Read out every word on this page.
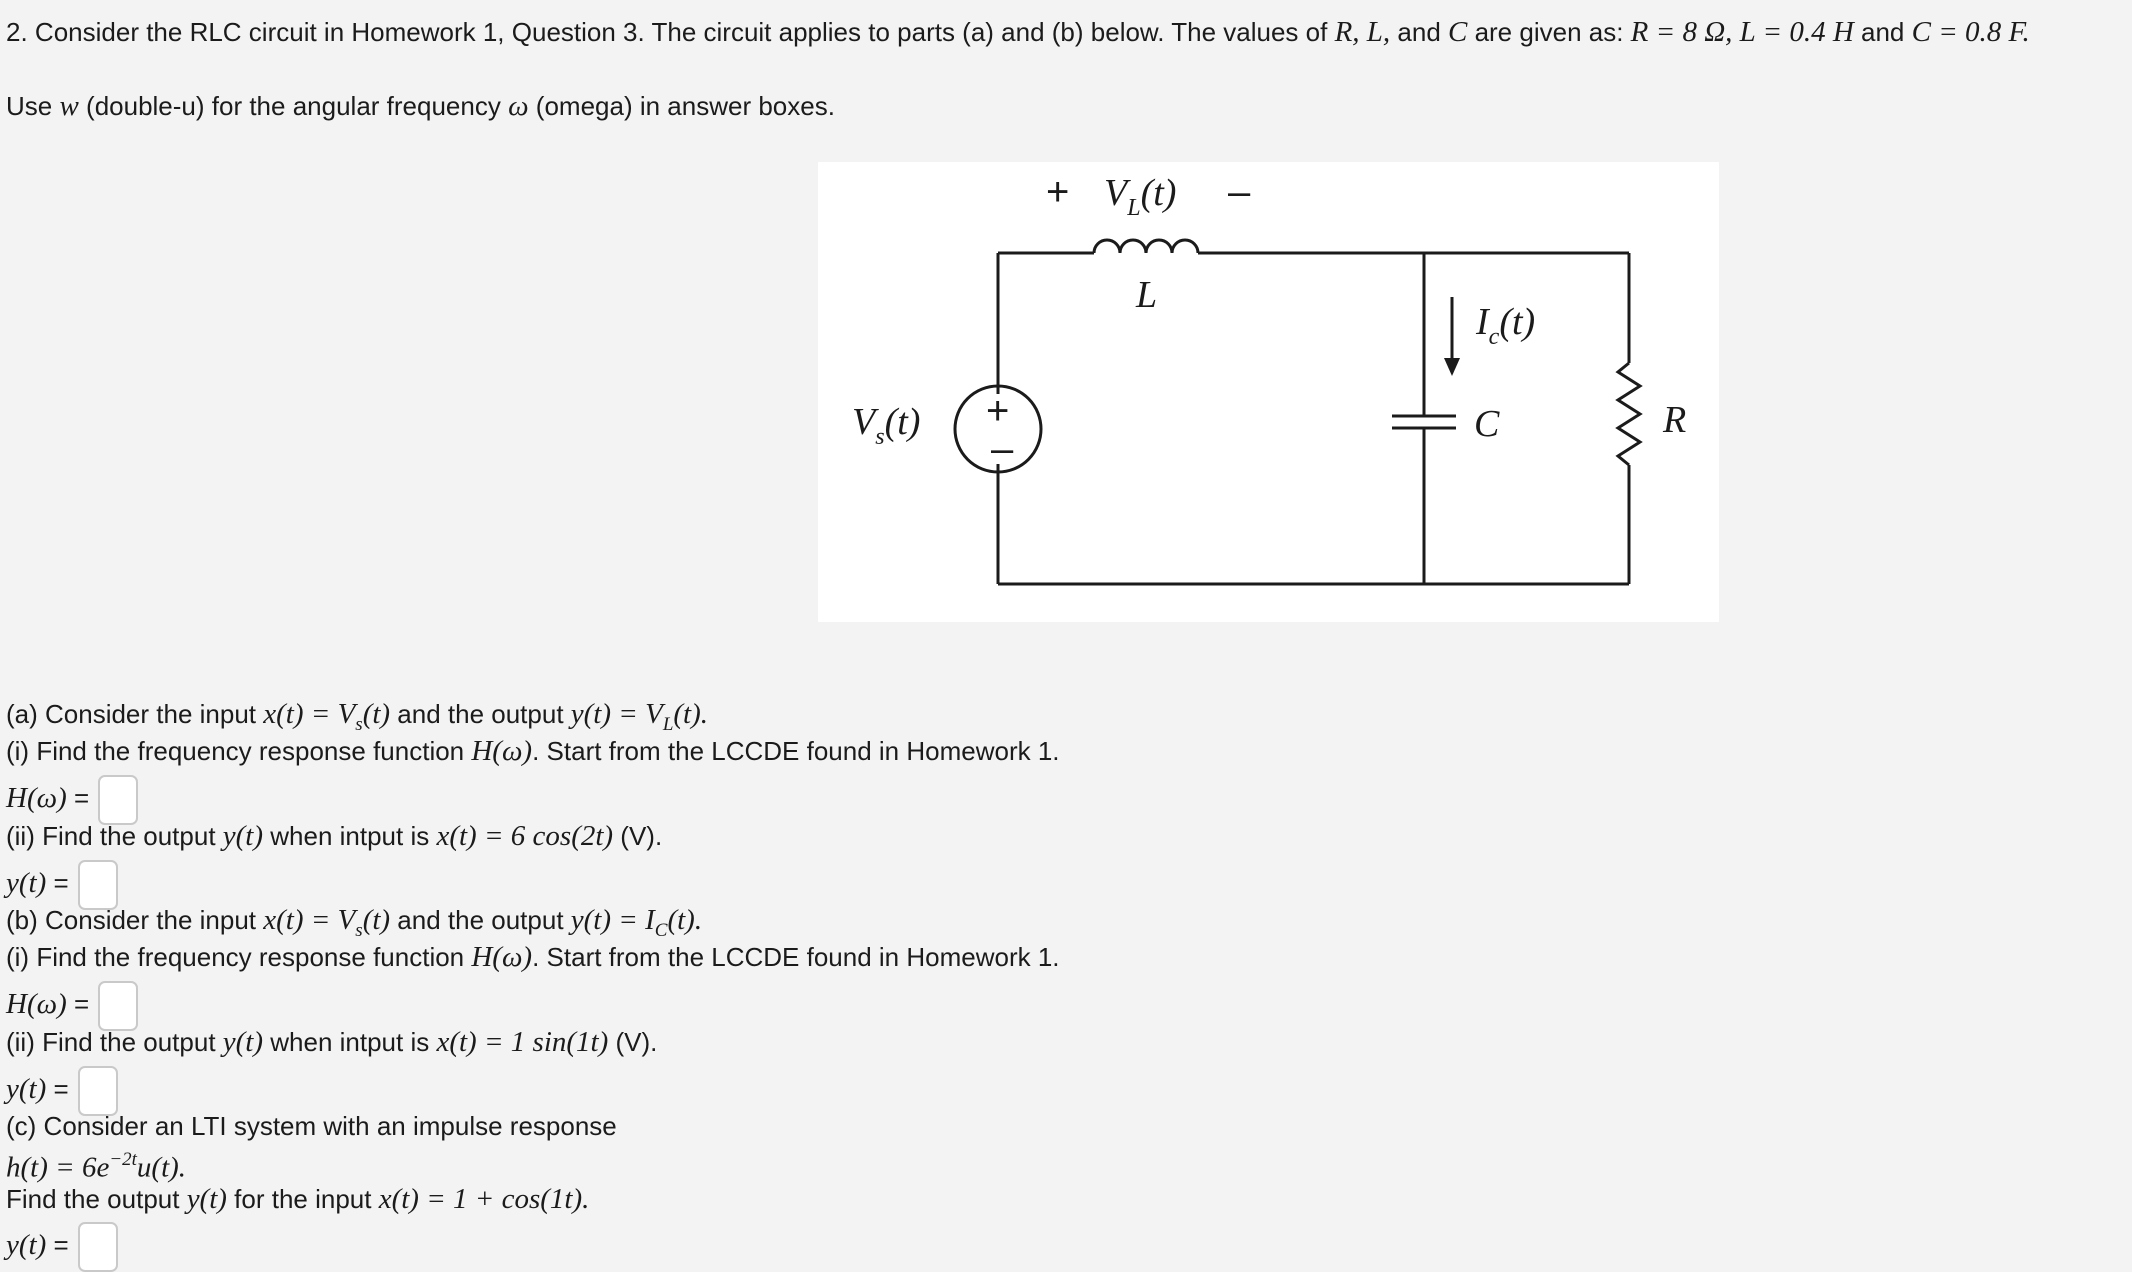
2. Consider the RLC circuit in Homework 1, Question 3. The circuit applies to parts (a) and (b) below. The values of R, L, and C are given as: R = 8 Ω, L = 0.4 H and C = 0.8 F.
Use w (double-u) for the angular frequency ω (omega) in answer boxes.
+ $V_L(t)$ –
L
$I_c(t)$
$V_s(t)$ +
–
C	R
(a) Consider the input $x(t) = V_s(t)$ and the output $y(t) = V_L(t)$.
(i) Find the frequency response function H(ω). Start from the LCCDE found in Homework 1.
H(ω) =
(ii) Find the output y(t) when intput is x(t) = 6 cos(2t) (V).
y(t) =
(b) Consider the input $x(t) = V_s(t)$ and the output $y(t) = I_C(t)$.
(i) Find the frequency response function H(ω). Start from the LCCDE found in Homework 1.
H(ω) =
(ii) Find the output y(t) when intput is x(t) = 1 sin(1t) (V).
y(t) =
(c) Consider an LTI system with an impulse response
$h(t) = 6e^{-2t}u(t)$.
Find the output y(t) for the input x(t) = 1 + cos(1t).
y(t) =
